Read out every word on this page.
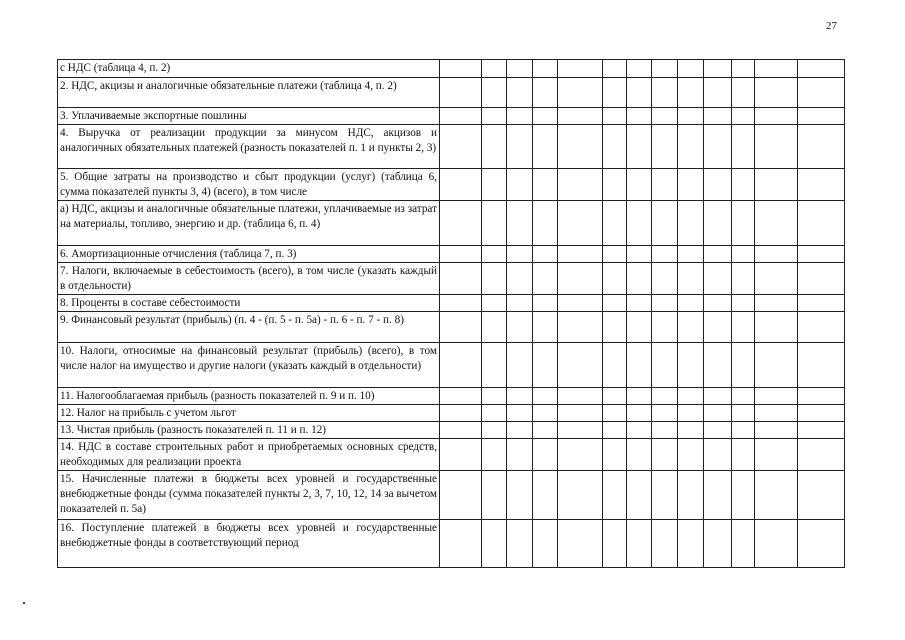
27
с НДС (таблица 4, п. 2)													
2. НДС, акцизы и аналогичные обязательные платежи (таблица 4, п. 2)													
3. Уплачиваемые экспортные пошлины													
4. Выручка от реализации продукции за минусом НДС, акцизов и аналогичных обязательных платежей (разность показателей п. 1 и пункты 2, 3)													
5. Общие затраты на производство и сбыт продукции (услуг) (таблица 6, сумма показателей пункты 3, 4) (всего), в том числе													
а) НДС, акцизы и аналогичные обязательные платежи, уплачиваемые из затрат на материалы, топливо, энергию и др. (таблица 6, п. 4)													
6. Амортизационные отчисления (таблица 7, п. 3)													
7. Налоги, включаемые в себестоимость (всего), в том числе (указать каждый в отдельности)													
8. Проценты в составе себестоимости													
9. Финансовый результат (прибыль) (п. 4 - (п. 5 - п. 5а) - п. 6 - п. 7 - п. 8)													
10. Налоги, относимые на финансовый результат (прибыль) (всего), в том числе налог на имущество и другие налоги (указать каждый в отдельности)													
11. Налогооблагаемая прибыль (разность показателей п. 9 и п. 10)													
12. Налог на прибыль с учетом льгот													
13. Чистая прибыль (разность показателей п. 11 и п. 12)													
14. НДС в составе строительных работ и приобретаемых основных средств, необходимых для реализации проекта													
15. Начисленные платежи в бюджеты всех уровней и государственные внебюджетные фонды (сумма показателей пункты 2, 3, 7, 10, 12, 14 за вычетом показателей п. 5а)													
16. Поступление платежей в бюджеты всех уровней и государственные внебюджетные фонды в соответствующий период													
